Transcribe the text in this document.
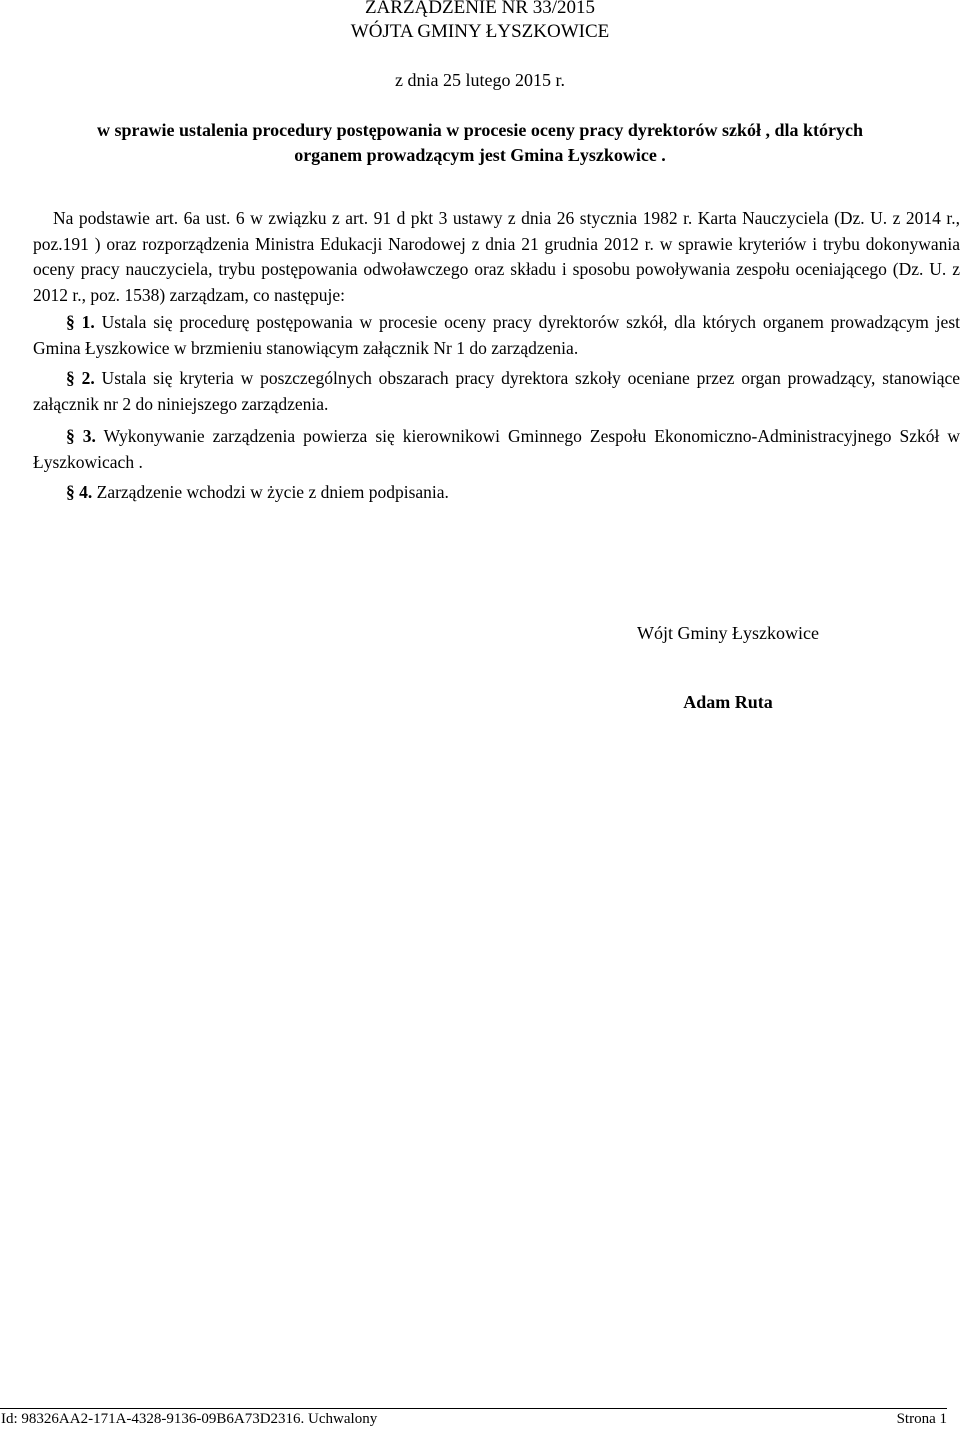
ZARZĄDZENIE NR 33/2015
WÓJTA GMINY ŁYSZKOWICE
z dnia 25 lutego 2015 r.
w sprawie ustalenia procedury postępowania w procesie oceny pracy dyrektorów szkół , dla których
organem prowadzącym jest Gmina Łyszkowice .
Na podstawie art. 6a ust. 6 w związku z art. 91 d pkt 3 ustawy z dnia 26 stycznia 1982 r. Karta Nauczyciela (Dz. U. z 2014 r., poz.191 ) oraz rozporządzenia Ministra Edukacji Narodowej z dnia 21 grudnia 2012 r. w sprawie kryteriów i trybu dokonywania oceny pracy nauczyciela, trybu postępowania odwoławczego oraz składu i sposobu powoływania zespołu oceniającego (Dz. U. z 2012 r., poz. 1538) zarządzam, co następuje:
§ 1. Ustala się procedurę postępowania w procesie oceny pracy dyrektorów szkół, dla których organem prowadzącym jest Gmina Łyszkowice w brzmieniu stanowiącym załącznik Nr 1 do zarządzenia.
§ 2. Ustala się kryteria w poszczególnych obszarach pracy dyrektora szkoły oceniane przez organ prowadzący, stanowiące załącznik nr 2 do niniejszego zarządzenia.
§ 3. Wykonywanie zarządzenia powierza się kierownikowi Gminnego Zespołu Ekonomiczno-Administracyjnego Szkół w Łyszkowicach .
§ 4. Zarządzenie wchodzi w życie z dniem podpisania.
Wójt Gminy Łyszkowice
Adam Ruta
Id: 98326AA2-171A-4328-9136-09B6A73D2316. Uchwalony	Strona 1
